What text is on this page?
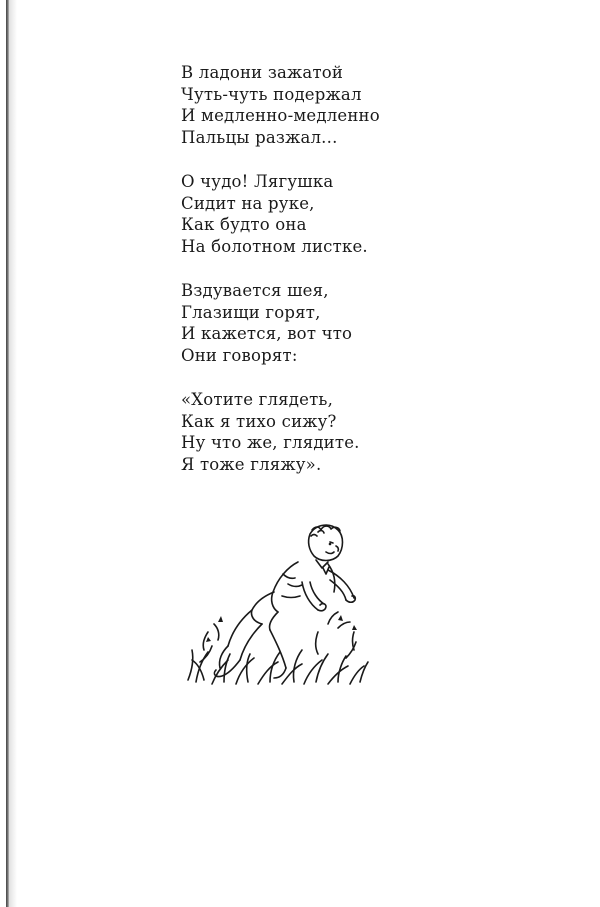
В ладони зажатой
Чуть-чуть подержал
И медленно-медленно
Пальцы разжал...
О чудо! Лягушка
Сидит на руке,
Как будто она
На болотном листке.
Вздувается шея,
Глазищи горят,
И кажется, вот что
Они говорят:
«Хотите глядеть,
Как я тихо сижу?
Ну что же, глядите.
Я тоже гляжу».
